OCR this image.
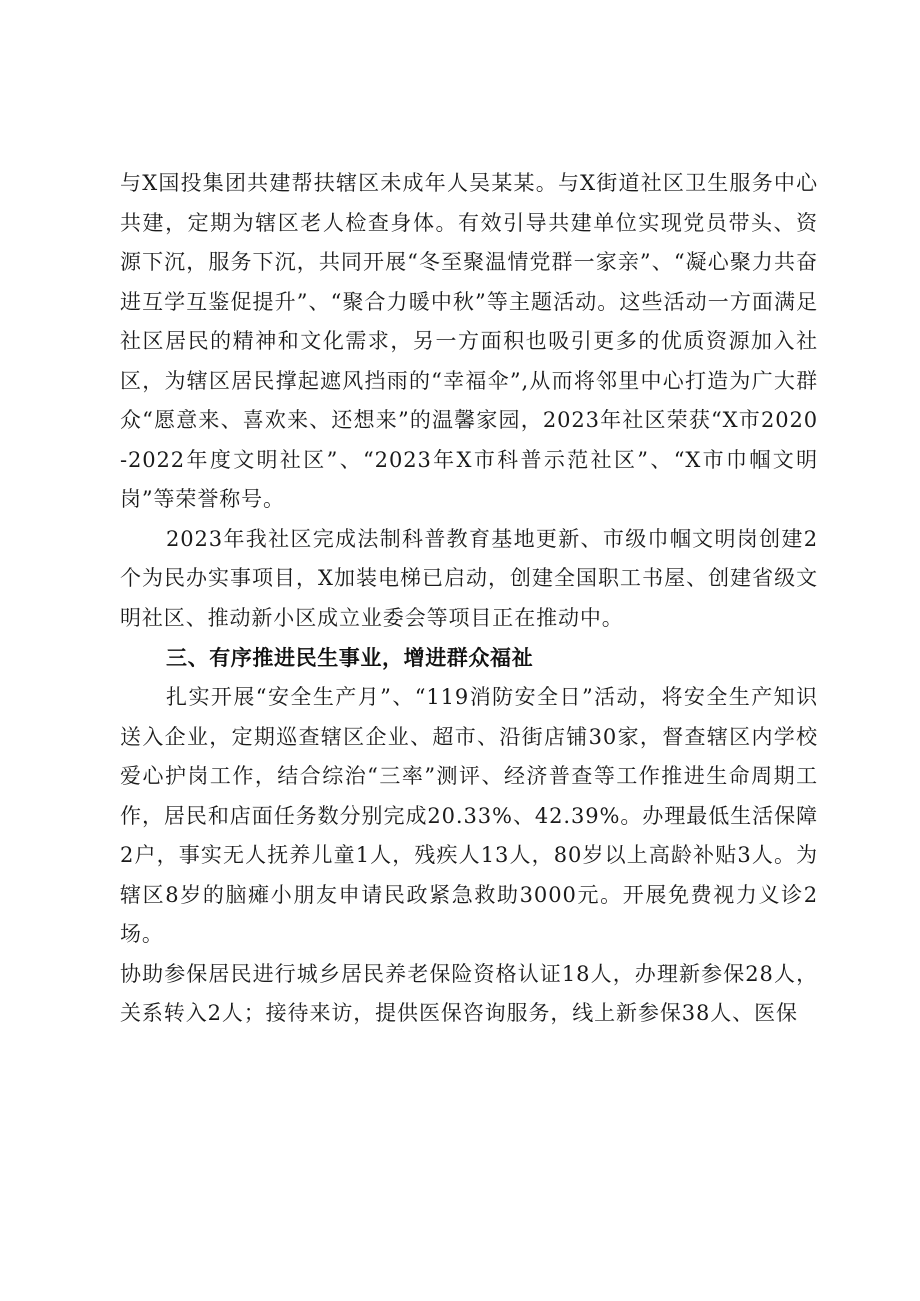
与X国投集团共建帮扶辖区未成年人吴某某。与X街道社区卫生服务中心共建，定期为辖区老人检查身体。有效引导共建单位实现党员带头、资源下沉，服务下沉，共同开展“冬至聚温情党群一家亲”、“凝心聚力共奋进互学互鉴促提升”、“聚合力暖中秋”等主题活动。这些活动一方面满足社区居民的精神和文化需求，另一方面积也吸引更多的优质资源加入社区，为辖区居民撑起遮风挡雨的“幸福伞”,从而将邻里中心打造为广大群众“愿意来、喜欢来、还想来”的温馨家园，2023年社区荣获“X市2020-2022年度文明社区”、“2023年X市科普示范社区”、“X市巾帼文明岗”等荣誉称号。

2023年我社区完成法制科普教育基地更新、市级巾帼文明岗创建2个为民办实事项目，X加装电梯已启动，创建全国职工书屋、创建省级文明社区、推动新小区成立业委会等项目正在推动中。

三、有序推进民生事业，增进群众福祉

扎实开展“安全生产月”、“119消防安全日”活动，将安全生产知识送入企业，定期巡查辖区企业、超市、沿街店铺30家，督查辖区内学校爱心护岗工作，结合综治“三率”测评、经济普查等工作推进生命周期工作，居民和店面任务数分别完成20.33%、42.39%。办理最低生活保障2户，事实无人抚养儿童1人，残疾人13人，80岁以上高龄补贴3人。为辖区8岁的脑瘫小朋友申请民政紧急救助3000元。开展免费视力义诊2场。

协助参保居民进行城乡居民养老保险资格认证18人，办理新参保28人，关系转入2人；接待来访，提供医保咨询服务，线上新参保38人、医保
